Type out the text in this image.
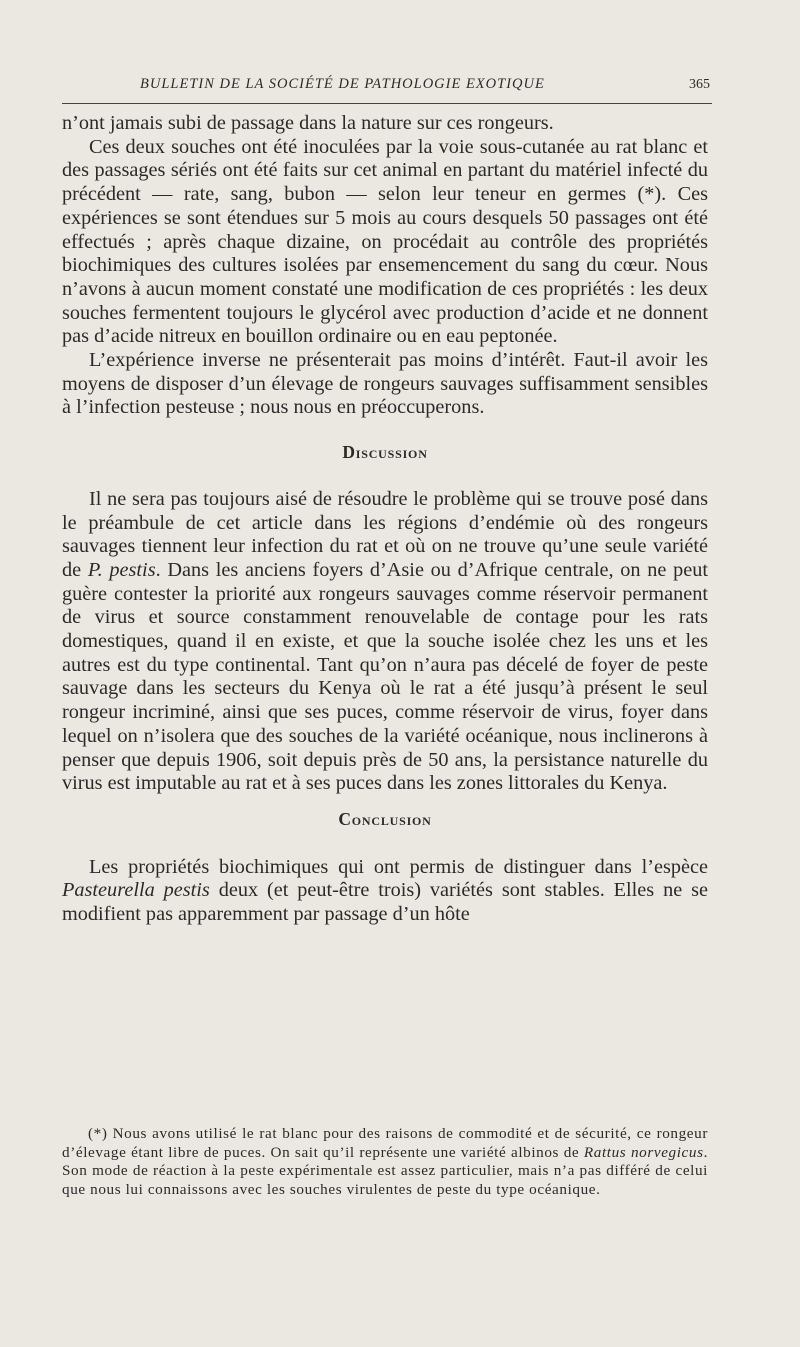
BULLETIN DE LA SOCIÉTÉ DE PATHOLOGIE EXOTIQUE	365

n’ont jamais subi de passage dans la nature sur ces rongeurs.

Ces deux souches ont été inoculées par la voie sous-cutanée au rat blanc et des passages sériés ont été faits sur cet animal en partant du matériel infecté du précédent — rate, sang, bubon — selon leur teneur en germes (*). Ces expériences se sont étendues sur 5 mois au cours desquels 50 passages ont été effectués ; après chaque dizaine, on procédait au contrôle des propriétés biochimiques des cultures isolées par ensemencement du sang du cœur. Nous n’avons à aucun moment constaté une modification de ces propriétés : les deux souches fermentent toujours le glycérol avec production d’acide et ne donnent pas d’acide nitreux en bouillon ordinaire ou en eau peptonée.

L’expérience inverse ne présenterait pas moins d’intérêt. Faut-il avoir les moyens de disposer d’un élevage de rongeurs sauvages suffisamment sensibles à l’infection pesteuse ; nous nous en préoccuperons.

Discussion

Il ne sera pas toujours aisé de résoudre le problème qui se trouve posé dans le préambule de cet article dans les régions d’endémie où des rongeurs sauvages tiennent leur infection du rat et où on ne trouve qu’une seule variété de P. pestis. Dans les anciens foyers d’Asie ou d’Afrique centrale, on ne peut guère contester la priorité aux rongeurs sauvages comme réservoir permanent de virus et source constamment renouvelable de contage pour les rats domestiques, quand il en existe, et que la souche isolée chez les uns et les autres est du type continental. Tant qu’on n’aura pas décelé de foyer de peste sauvage dans les secteurs du Kenya où le rat a été jusqu’à présent le seul rongeur incriminé, ainsi que ses puces, comme réservoir de virus, foyer dans lequel on n’isolera que des souches de la variété océanique, nous inclinerons à penser que depuis 1906, soit depuis près de 50 ans, la persistance naturelle du virus est imputable au rat et à ses puces dans les zones littorales du Kenya.

Conclusion

Les propriétés biochimiques qui ont permis de distinguer dans l’espèce Pasteurella pestis deux (et peut-être trois) variétés sont stables. Elles ne se modifient pas apparemment par passage d’un hôte

(*) Nous avons utilisé le rat blanc pour des raisons de commodité et de sécurité, ce rongeur d’élevage étant libre de puces. On sait qu’il représente une variété albinos de Rattus norvegicus. Son mode de réaction à la peste expérimentale est assez particulier, mais n’a pas différé de celui que nous lui connaissons avec les souches virulentes de peste du type océanique.
